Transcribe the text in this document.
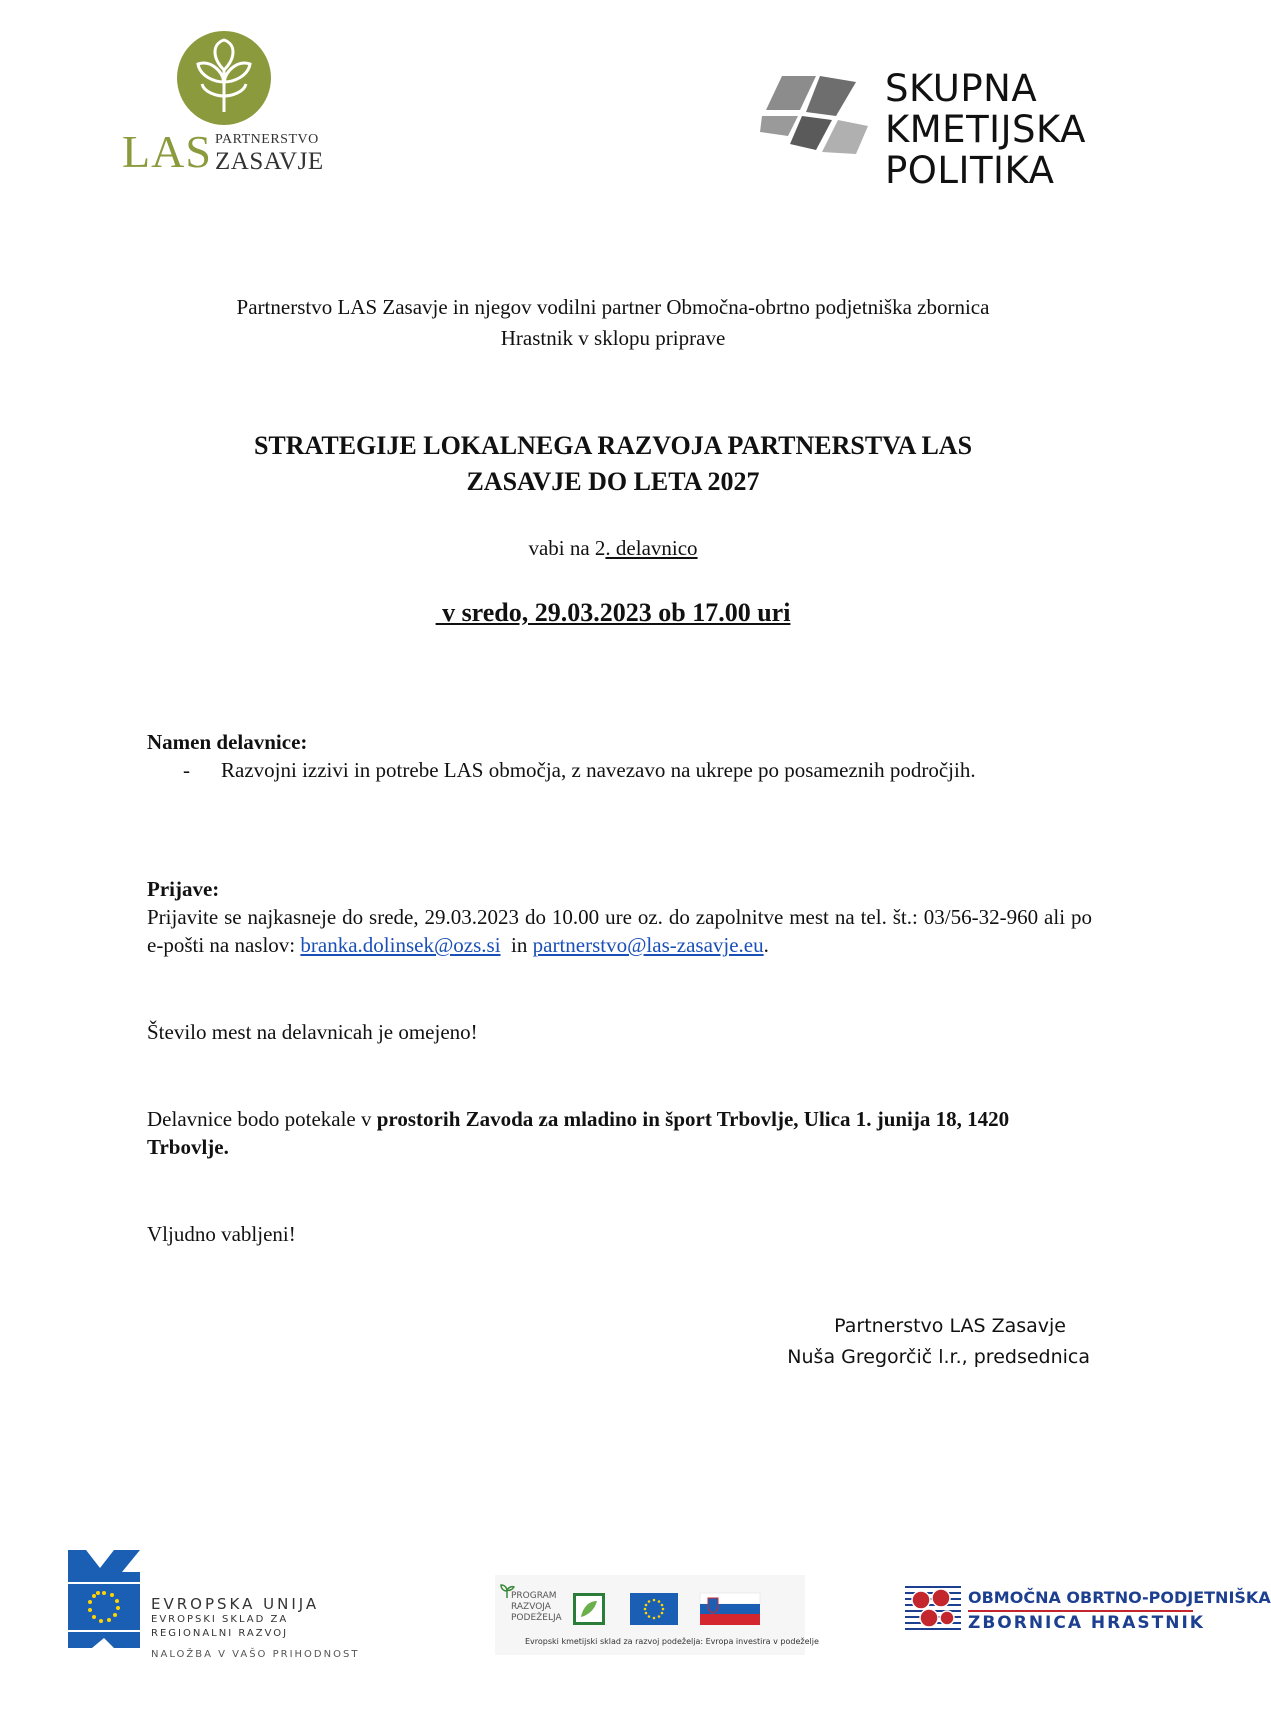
LAS PARTNERSTVO
ZASAVJE
SKUPNA
KMETIJSKA
POLITIKA
Partnerstvo LAS Zasavje in njegov vodilni partner Območna-obrtno podjetniška zbornica
Hrastnik v sklopu priprave
STRATEGIJE LOKALNEGA RAZVOJA PARTNERSTVA LAS
ZASAVJE DO LETA 2027
vabi na 2. delavnico
v sredo, 29.03.2023 ob 17.00 uri
Namen delavnice:
-	Razvojni izzivi in potrebe LAS območja, z navezavo na ukrepe po posameznih področjih.
Prijave:
Prijavite se najkasneje do srede, 29.03.2023 do 10.00 ure oz. do zapolnitve mest na tel. št.: 03/56-32-960 ali po e-pošti na naslov: branka.dolinsek@ozs.si  in partnerstvo@las-zasavje.eu.
Število mest na delavnicah je omejeno!
Delavnice bodo potekale v prostorih Zavoda za mladino in šport Trbovlje, Ulica 1. junija 18, 1420 Trbovlje.
Vljudno vabljeni!
Partnerstvo LAS Zasavje
Nuša Gregorčič l.r., predsednica
EVROPSKA UNIJA
EVROPSKI SKLAD ZA
REGIONALNI RAZVOJ
NALOŽBA V VAŠO PRIHODNOST
PROGRAM
RAZVOJA
PODEŽELJA
Evropski kmetijski sklad za razvoj podeželja: Evropa investira v podeželje
OBMOČNA OBRTNO-PODJETNIŠKA
ZBORNICA HRASTNIK
